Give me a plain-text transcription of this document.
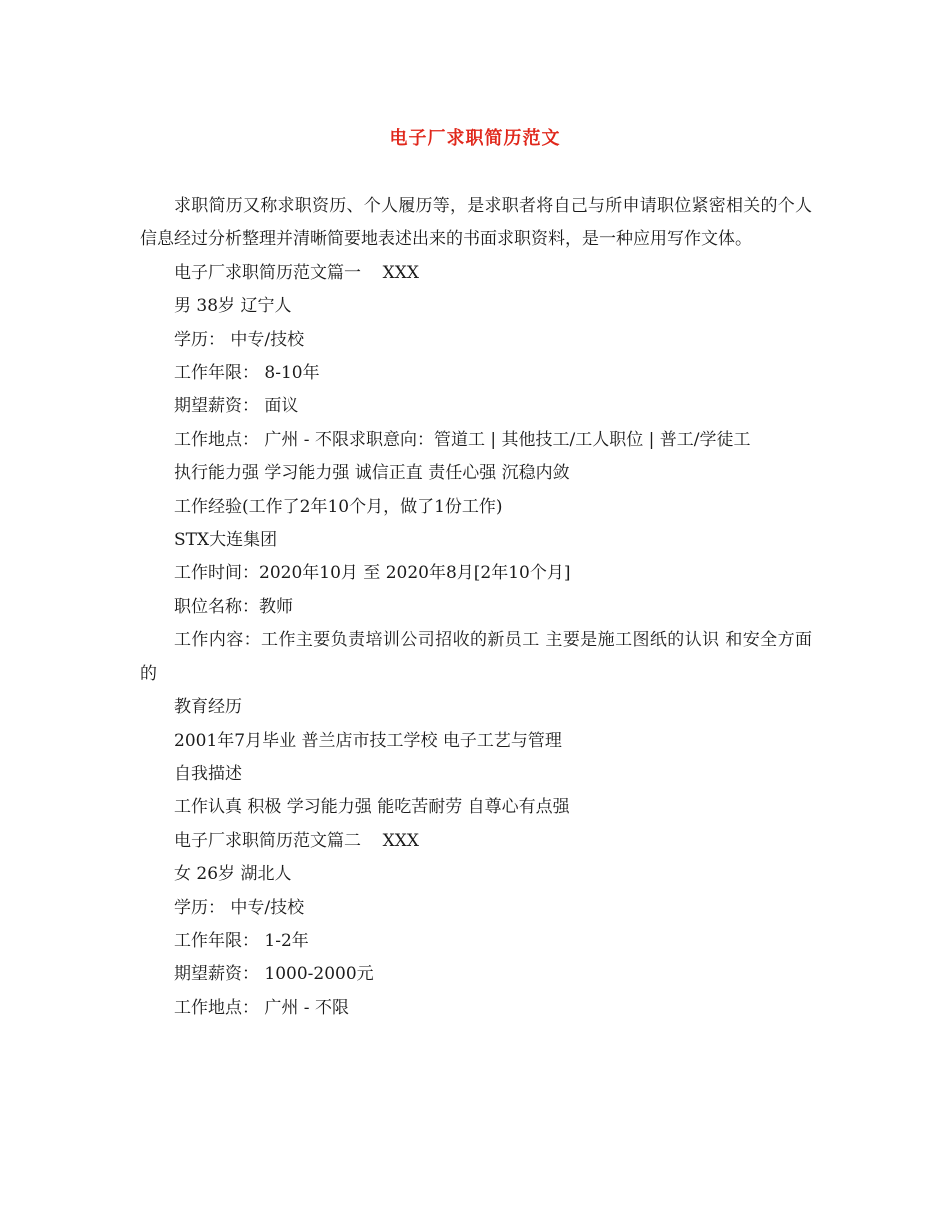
电子厂求职简历范文

求职简历又称求职资历、个人履历等，是求职者将自己与所申请职位紧密相关的个人信息经过分析整理并清晰简要地表述出来的书面求职资料，是一种应用写作文体。

电子厂求职简历范文篇一    XXX

男 38岁 辽宁人

学历： 中专/技校

工作年限： 8-10年

期望薪资： 面议

工作地点： 广州 - 不限求职意向：管道工 | 其他技工/工人职位 | 普工/学徒工

执行能力强 学习能力强 诚信正直 责任心强 沉稳内敛

工作经验(工作了2年10个月，做了1份工作)

STX大连集团

工作时间：2020年10月 至 2020年8月[2年10个月]

职位名称：教师

工作内容：工作主要负责培训公司招收的新员工 主要是施工图纸的认识 和安全方面的

教育经历

2001年7月毕业 普兰店市技工学校 电子工艺与管理

自我描述

工作认真 积极 学习能力强 能吃苦耐劳 自尊心有点强

电子厂求职简历范文篇二    XXX

女 26岁 湖北人

学历： 中专/技校

工作年限： 1-2年

期望薪资： 1000-2000元

工作地点： 广州 - 不限
